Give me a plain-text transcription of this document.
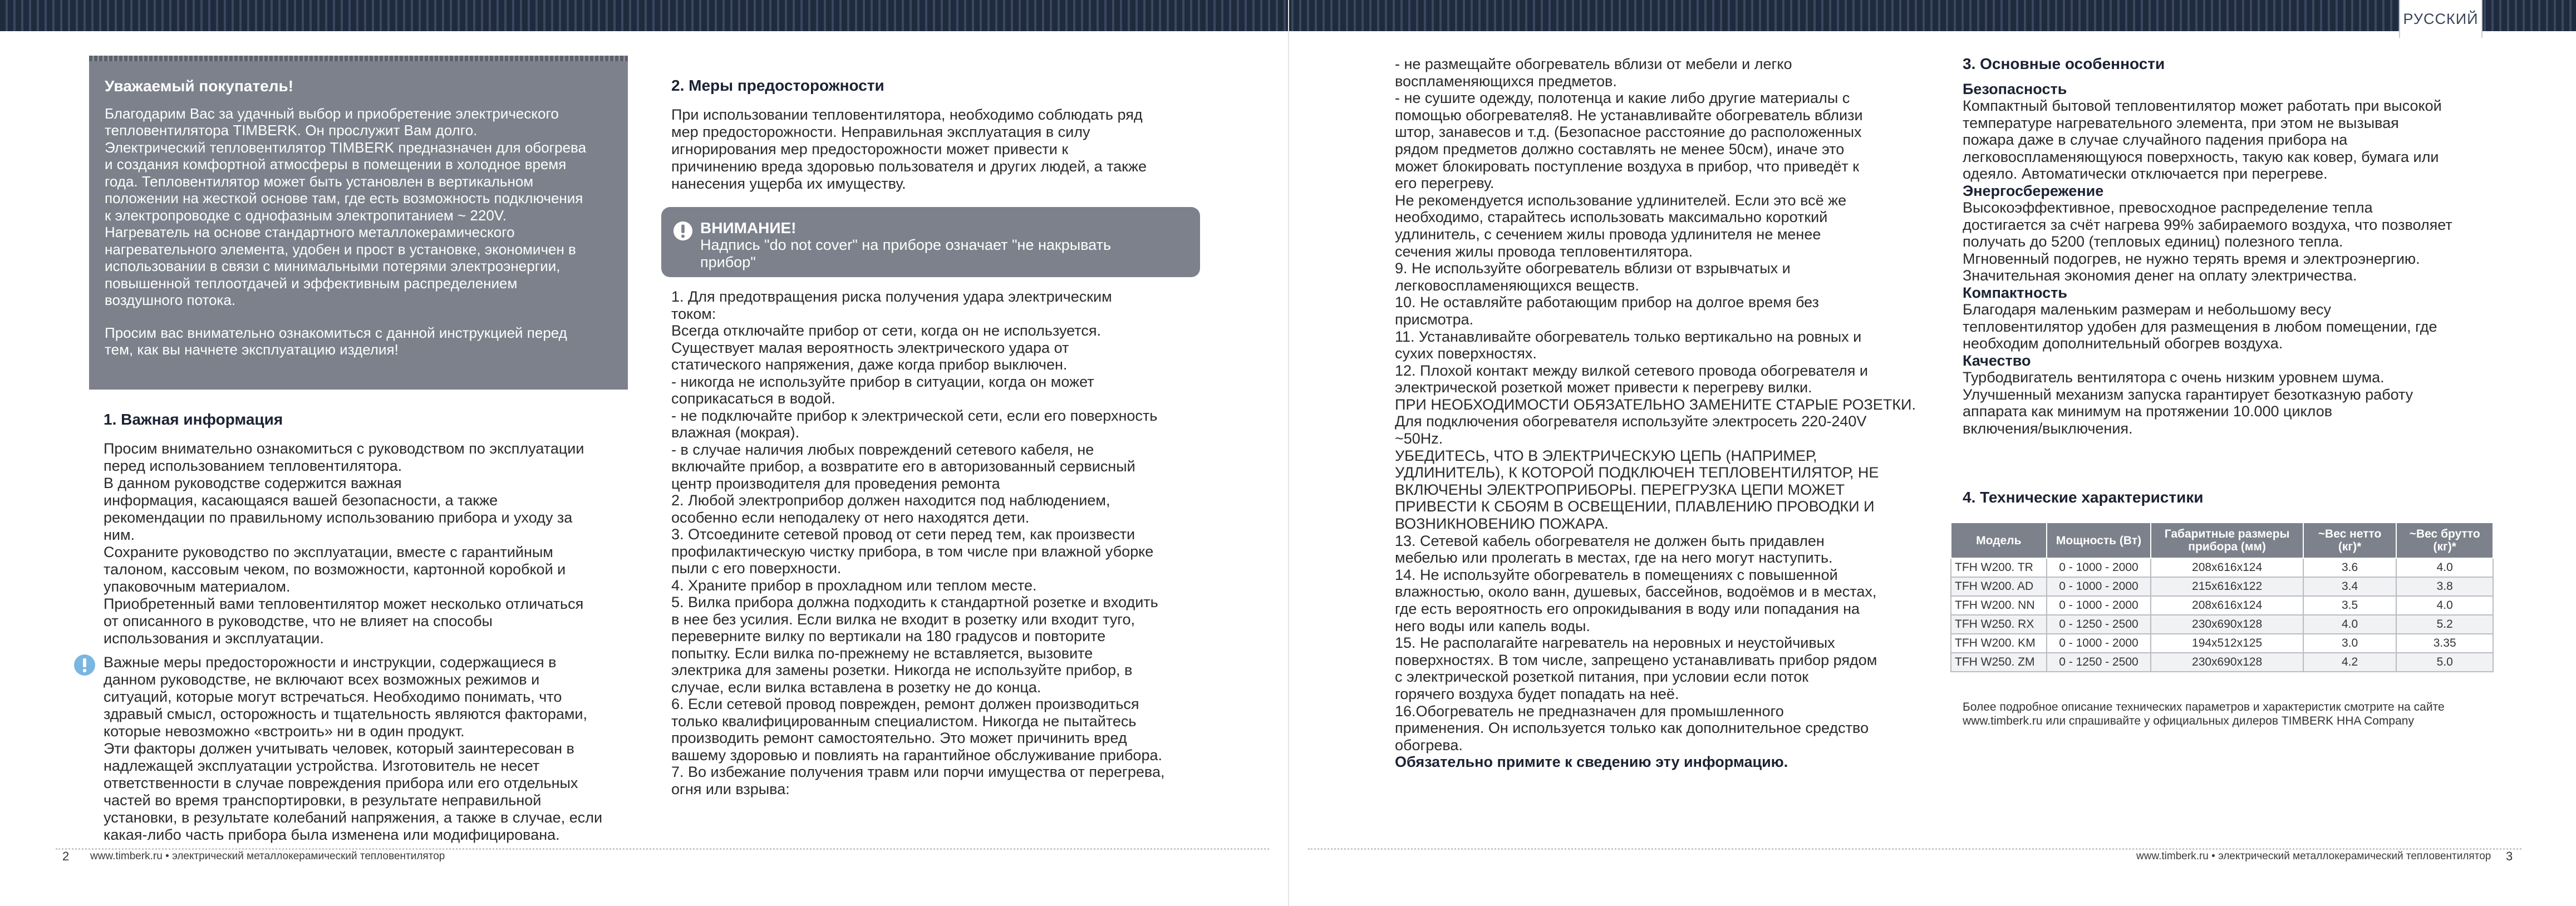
РУССКИЙ
Уважаемый покупатель!
Благодарим Вас за удачный выбор и приобретение электрического
тепловентилятора TIMBERK. Он прослужит Вам долго.
Электрический тепловентилятор TIMBERK предназначен для обогрева
и создания комфортной атмосферы в помещении в холодное время
года. Тепловентилятор может быть установлен в вертикальном
положении на жесткой основе там, где есть возможность подключения
к электропроводке с однофазным электропитанием ~ 220V.
Нагреватель на основе стандартного металлокерамического
нагревательного элемента, удобен и прост в установке, экономичен в
использовании в связи с минимальными потерями электроэнергии,
повышенной теплоотдачей и эффективным распределением
воздушного потока.
Просим вас внимательно ознакомиться с данной инструкцией перед
тем, как вы начнете эксплуатацию изделия!
1. Важная информация
Просим внимательно ознакомиться с руководством по эксплуатации
перед использованием тепловентилятора.
В данном руководстве содержится важная
информация, касающаяся вашей безопасности, а также
рекомендации по правильному использованию прибора и уходу за
ним.
Сохраните руководство по эксплуатации, вместе с гарантийным
талоном, кассовым чеком, по возможности, картонной коробкой и
упаковочным материалом.
Приобретенный вами тепловентилятор может несколько отличаться
от описанного в руководстве, что не влияет на способы
использования и эксплуатации.
Важные меры предосторожности и инструкции, содержащиеся в
данном руководстве, не включают всех возможных режимов и
ситуаций, которые могут встречаться. Необходимо понимать, что
здравый смысл, осторожность и тщательность являются факторами,
которые невозможно «встроить» ни в один продукт.
Эти факторы должен учитывать человек, который заинтересован в
надлежащей эксплуатации устройства. Изготовитель не несет
ответственности в случае повреждения прибора или его отдельных
частей во время транспортировки, в результате неправильной
установки, в результате колебаний напряжения, а также в случае, если
какая-либо часть прибора была изменена или модифицирована.
2. Меры предосторожности
При использовании тепловентилятора, необходимо соблюдать ряд
мер предосторожности. Неправильная эксплуатация в силу
игнорирования мер предосторожности может привести к
причинению вреда здоровью пользователя и других людей, а также
нанесения ущерба их имуществу.
ВНИМАНИЕ!
Надпись "do not cover" на приборе означает "не накрывать
прибор"
1. Для предотвращения риска получения удара электрическим
током:
Всегда отключайте прибор от сети, когда он не используется.
Существует малая вероятность электрического удара от
статического напряжения, даже когда прибор выключен.
- никогда не используйте прибор в ситуации, когда он может
соприкасаться в водой.
- не подключайте прибор к электрической сети, если его поверхность
влажная (мокрая).
- в случае наличия любых повреждений сетевого кабеля, не
включайте прибор, а возвратите его в авторизованный сервисный
центр производителя для проведения ремонта
2. Любой электроприбор должен находится под наблюдением,
особенно если неподалеку от него находятся дети.
3. Отсоедините сетевой провод от сети перед тем, как произвести
профилактическую чистку прибора, в том числе при влажной уборке
пыли с его поверхности.
4. Храните прибор в прохладном или теплом месте.
5. Вилка прибора должна подходить к стандартной розетке и входить
в нее без усилия. Если вилка не входит в розетку или входит туго,
переверните вилку по вертикали на 180 градусов и повторите
попытку. Если вилка по-прежнему не вставляется, вызовите
электрика для замены розетки. Никогда не используйте прибор, в
случае, если вилка вставлена в розетку не до конца.
6. Если сетевой провод поврежден, ремонт должен производиться
только квалифицированным специалистом. Никогда не пытайтесь
производить ремонт самостоятельно. Это может причинить вред
вашему здоровью и повлиять на гарантийное обслуживание прибора.
7. Во избежание получения травм или порчи имущества от перегрева,
огня или взрыва:
- не размещайте обогреватель вблизи от мебели и легко
воспламеняющихся предметов.
- не сушите одежду, полотенца и какие либо другие материалы с
помощью обогревателя8. Не устанавливайте обогреватель вблизи
штор, занавесов и т.д. (Безопасное расстояние до расположенных
рядом предметов должно составлять не менее 50см), иначе это
может блокировать поступление воздуха в прибор, что приведёт к
его перегреву.
Не рекомендуется использование удлинителей. Если это всё же
необходимо, старайтесь использовать максимально короткий
удлинитель, с сечением жилы провода удлинителя не менее
сечения жилы провода тепловентилятора.
9. Не используйте обогреватель вблизи от взрывчатых и
легковоспламеняющихся веществ.
10. Не оставляйте работающим прибор на долгое время без
присмотра.
11. Устанавливайте обогреватель только вертикально на ровных и
сухих поверхностях.
12. Плохой контакт между вилкой сетевого провода обогревателя и
электрической розеткой может привести к перегреву вилки.
ПРИ НЕОБХОДИМОСТИ ОБЯЗАТЕЛЬНО ЗАМЕНИТЕ СТАРЫЕ РОЗЕТКИ.
Для подключения обогревателя используйте электросеть 220-240V
~50Hz.
УБЕДИТЕСЬ, ЧТО В ЭЛЕКТРИЧЕСКУЮ ЦЕПЬ (НАПРИМЕР,
УДЛИНИТЕЛЬ), К КОТОРОЙ ПОДКЛЮЧЕН ТЕПЛОВЕНТИЛЯТОР, НЕ
ВКЛЮЧЕНЫ ЭЛЕКТРОПРИБОРЫ. ПЕРЕГРУЗКА ЦЕПИ МОЖЕТ
ПРИВЕСТИ К СБОЯМ В ОСВЕЩЕНИИ, ПЛАВЛЕНИЮ ПРОВОДКИ И
ВОЗНИКНОВЕНИЮ ПОЖАРА.
13. Сетевой кабель обогревателя не должен быть придавлен
мебелью или пролегать в местах, где на него могут наступить.
14. Не используйте обогреватель в помещениях с повышенной
влажностью, около ванн, душевых, бассейнов, водоёмов и в местах,
где есть вероятность его опрокидывания в воду или попадания на
него воды или капель воды.
15. Не располагайте нагреватель на неровных и неустойчивых
поверхностях. В том числе, запрещено устанавливать прибор рядом
с электрической розеткой питания, при условии если поток
горячего воздуха будет попадать на неё.
16.Обогреватель не предназначен для промышленного
применения. Он используется только как дополнительное средство
обогрева.
Обязательно примите к сведению эту информацию.
3. Основные особенности
Безопасность
Компактный бытовой тепловентилятор может работать при высокой
температуре нагревательного элемента, при этом не вызывая
пожара даже в случае случайного падения прибора на
легковоспламеняющуюся поверхность, такую как ковер, бумага или
одеяло. Автоматически отключается при перегреве.
Энергосбережение
Высокоэффективное, превосходное распределение тепла
достигается за счёт нагрева 99% забираемого воздуха, что позволяет
получать до 5200 (тепловых единиц) полезного тепла.
Мгновенный подогрев, не нужно терять время и электроэнергию.
Значительная экономия денег на оплату электричества.
Компактность
Благодаря маленьким размерам и небольшому весу
тепловентилятор удобен для размещения в любом помещении, где
необходим дополнительный обогрев воздуха.
Качество
Турбодвигатель вентилятора с очень низким уровнем шума.
Улучшенный механизм запуска гарантирует безотказную работу
аппарата как минимум на протяжении 10.000 циклов
включения/выключения.
4. Технические характеристики
Модель	Мощность (Вт)	Габаритные размеры прибора (мм)	~Вес нетто (кг)*	~Вес брутто (кг)*
TFH W200. TR	0 - 1000 - 2000	208x616x124	3.6	4.0
TFH W200. AD	0 - 1000 - 2000	215x616x122	3.4	3.8
TFH W200. NN	0 - 1000 - 2000	208x616x124	3.5	4.0
TFH W250. RX	0 - 1250 - 2500	230x690x128	4.0	5.2
TFH W200. KM	0 - 1000 - 2000	194x512x125	3.0	3.35
TFH W250. ZM	0 - 1250 - 2500	230x690x128	4.2	5.0
Более подробное описание технических параметров и характеристик смотрите на сайте
www.timberk.ru или спрашивайте у официальных дилеров TIMBERK HHA Company
2 www.timberk.ru • электрический металлокерамический тепловентилятор	www.timberk.ru • электрический металлокерамический тепловентилятор 3
